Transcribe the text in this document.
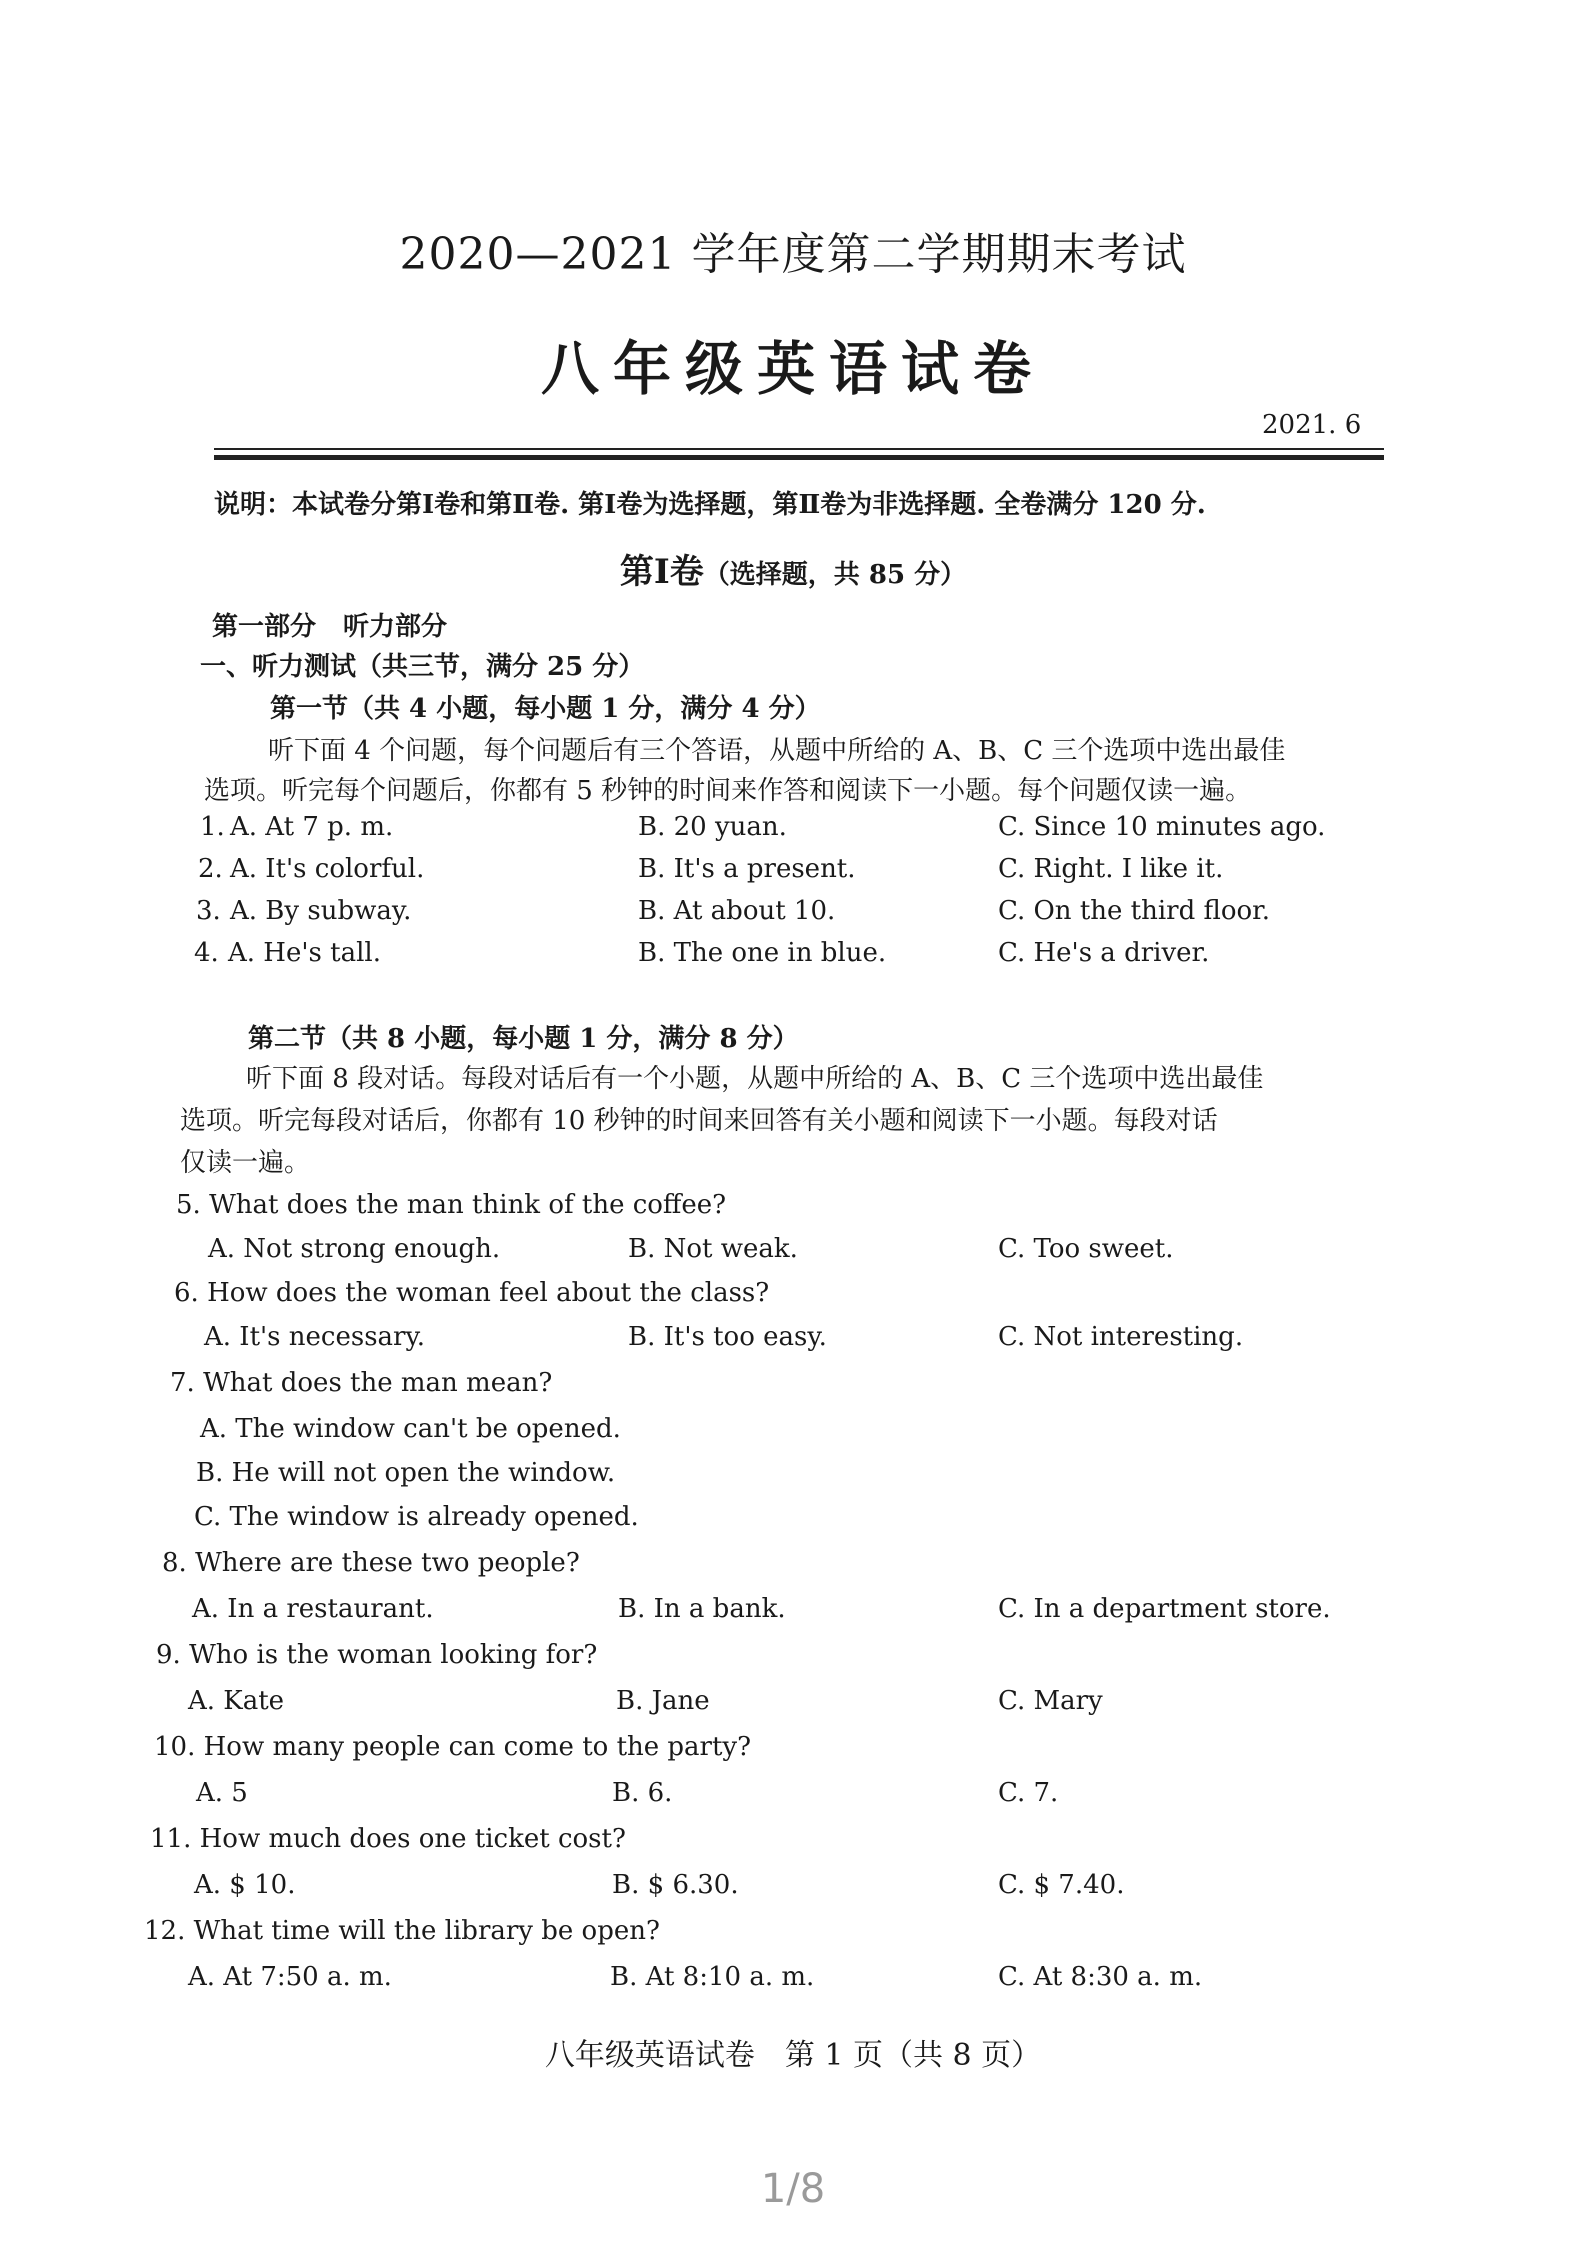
2020—2021 学年度第二学期期末考试
八年级英语试卷
2021. 6
说明：本试卷分第Ⅰ卷和第Ⅱ卷. 第Ⅰ卷为选择题，第Ⅱ卷为非选择题. 全卷满分 120 分.
第Ⅰ卷（选择题，共 85 分）
第一部分 听力部分
一、听力测试（共三节，满分 25 分）
第一节（共 4 小题，每小题 1 分，满分 4 分）
听下面 4 个问题，每个问题后有三个答语，从题中所给的 A、B、C 三个选项中选出最佳
选项。听完每个问题后，你都有 5 秒钟的时间来作答和阅读下一小题。每个问题仅读一遍。
1. A. At 7 p. m.	B. 20 yuan.	C. Since 10 minutes ago.
2. A. It's colorful.	B. It's a present.	C. Right. I like it.
3. A. By subway.	B. At about 10.	C. On the third floor.
4. A. He's tall.	B. The one in blue.	C. He's a driver.
第二节（共 8 小题，每小题 1 分，满分 8 分）
听下面 8 段对话。每段对话后有一个小题，从题中所给的 A、B、C 三个选项中选出最佳
选项。听完每段对话后，你都有 10 秒钟的时间来回答有关小题和阅读下一小题。每段对话
仅读一遍。
5. What does the man think of the coffee?
A. Not strong enough.	B. Not weak.	C. Too sweet.
6. How does the woman feel about the class?
A. It's necessary.	B. It's too easy.	C. Not interesting.
7. What does the man mean?
A. The window can't be opened.
B. He will not open the window.
C. The window is already opened.
8. Where are these two people?
A. In a restaurant.	B. In a bank.	C. In a department store.
9. Who is the woman looking for?
A. Kate	B. Jane	C. Mary
10. How many people can come to the party?
A. 5	B. 6.	C. 7.
11. How much does one ticket cost?
A. $ 10.	B. $ 6.30.	C. $ 7.40.
12. What time will the library be open?
A. At 7:50 a. m.	B. At 8:10 a. m.	C. At 8:30 a. m.
八年级英语试卷　第 1 页（共 8 页）
1/8
